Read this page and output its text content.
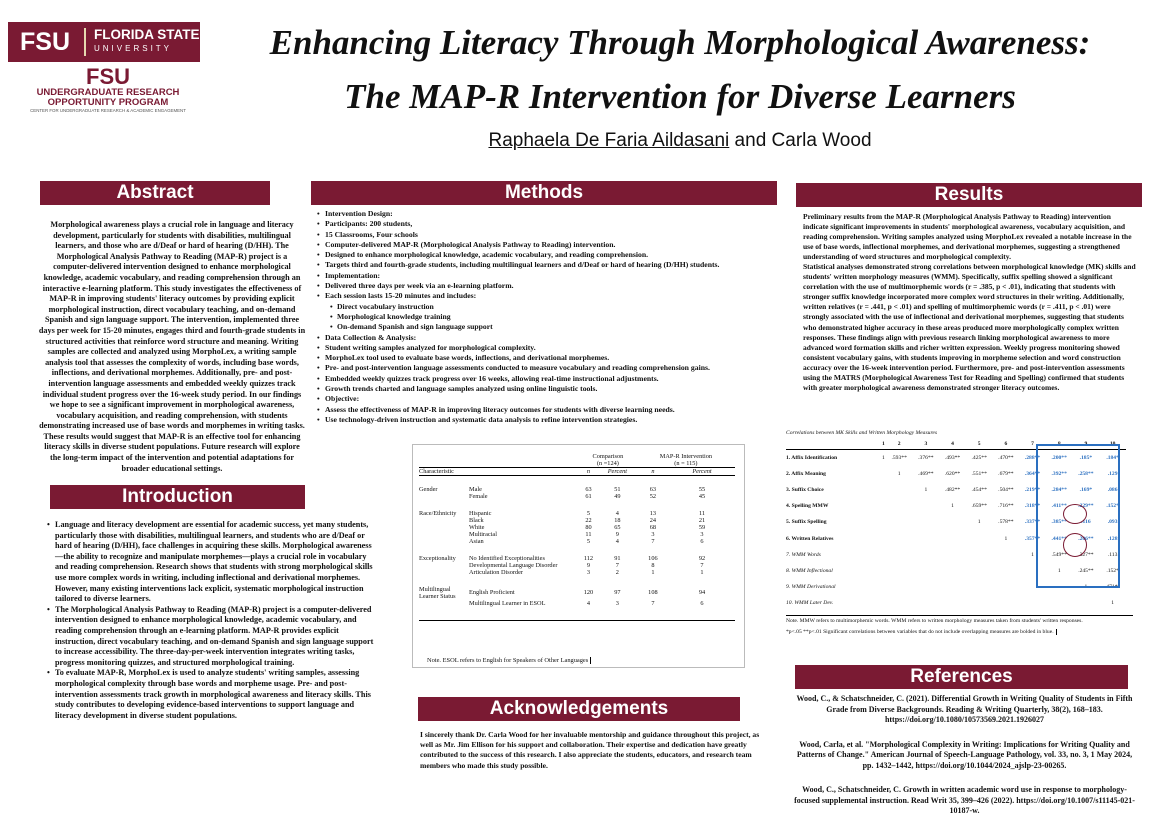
FSU	FLORIDA STATE
UNIVERSITY
FSU
UNDERGRADUATE RESEARCH
OPPORTUNITY PROGRAM
CENTER FOR UNDERGRADUATE RESEARCH & ACADEMIC ENGAGEMENT
Enhancing Literacy Through Morphological Awareness:
The MAP-R Intervention for Diverse Learners
Raphaela De Faria Aildasani and Carla Wood
Abstract
Morphological awareness plays a crucial role in language and literacy development, particularly for students with disabilities, multilingual learners, and those who are d/Deaf or hard of hearing (D/HH). The Morphological Analysis Pathway to Reading (MAP-R) project is a computer-delivered intervention designed to enhance morphological knowledge, academic vocabulary, and reading comprehension through an interactive e-learning platform. This study investigates the effectiveness of MAP-R in improving students' literacy outcomes by providing explicit morphological instruction, direct vocabulary teaching, and on-demand Spanish and sign language support. The intervention, implemented three days per week for 15-20 minutes, engages third and fourth-grade students in structured activities that reinforce word structure and meaning. Writing samples are collected and analyzed using MorphoLex, a writing sample analysis tool that assesses the complexity of words, including base words, inflections, and derivational morphemes. Additionally, pre- and post-intervention language assessments and embedded weekly quizzes track individual student progress over the 16-week study period. In our findings we hope to see a significant improvement in morphological awareness, vocabulary acquisition, and reading comprehension, with students demonstrating increased use of base words and morphemes in writing tasks. These results would suggest that MAP-R is an effective tool for enhancing literacy skills in diverse student populations. Future research will explore the long-term impact of the intervention and potential adaptations for broader educational settings.
Introduction
• Language and literacy development are essential for academic success, yet many students, particularly those with disabilities, multilingual learners, and students who are d/Deaf or hard of hearing (D/HH), face challenges in acquiring these skills. Morphological awareness—the ability to recognize and manipulate morphemes—plays a crucial role in vocabulary and reading comprehension. Research shows that students with strong morphological skills use more complex words in writing, including inflectional and derivational morphemes. However, many existing interventions lack explicit, systematic morphological instruction tailored to diverse learners.
• The Morphological Analysis Pathway to Reading (MAP-R) project is a computer-delivered intervention designed to enhance morphological knowledge, academic vocabulary, and reading comprehension through an e-learning platform. MAP-R provides explicit instruction, direct vocabulary teaching, and on-demand Spanish and sign language support to increase accessibility. The three-day-per-week intervention integrates writing tasks, progress monitoring quizzes, and structured morphological training.
• To evaluate MAP-R, MorphoLex is used to analyze students' writing samples, assessing morphological complexity through base words and morpheme usage. Pre- and post-intervention assessments track growth in morphological awareness and literacy skills. This study contributes to developing evidence-based interventions to support language and literacy development in diverse student populations.
Methods
• Intervention Design:
• Participants: 200 students,
• 15 Classrooms, Four schools
• Computer-delivered MAP-R (Morphological Analysis Pathway to Reading) intervention.
• Designed to enhance morphological knowledge, academic vocabulary, and reading comprehension.
• Targets third and fourth-grade students, including multilingual learners and d/Deaf or hard of hearing (D/HH) students.
• Implementation:
• Delivered three days per week via an e-learning platform.
• Each session lasts 15-20 minutes and includes:
• Direct vocabulary instruction
• Morphological knowledge training
• On-demand Spanish and sign language support
• Data Collection & Analysis:
• Student writing samples analyzed for morphological complexity.
• MorphoLex tool used to evaluate base words, inflections, and derivational morphemes.
• Pre- and post-intervention language assessments conducted to measure vocabulary and reading comprehension gains.
• Embedded weekly quizzes track progress over 16 weeks, allowing real-time instructional adjustments.
• Growth trends charted and language samples analyzed using online linguistic tools.
• Objective:
• Assess the effectiveness of MAP-R in improving literacy outcomes for students with diverse learning needs.
• Use technology-driven instruction and systematic data analysis to refine intervention strategies.
		Comparison		MAP-R Intervention	
		(n =124)		(n = 115)	
Characteristic		n	Percent	n	Percent

Gender	Male	63	51	63	55
	Female	61	49	52	45

Race/Ethnicity	Hispanic	5	4	13	11
	Black	22	18	24	21
	White	80	65	68	59
	Multiracial	11	9	3	3
	Asian	5	4	7	6

Exceptionality	No Identified Exceptionalities	112	91	106	92
	Developmental Language Disorder	9	7	8	7
	Articulation Disorder	3	2	1	1

Multilingual Learner Status	English Proficient	120	97	108	94
	Multilingual Learner in ESOL	4	3	7	6

Note. ESOL refers to English for Speakers of Other Languages
Acknowledgements
I sincerely thank Dr. Carla Wood for her invaluable mentorship and guidance throughout this project, as well as Mr. Jim Ellison for his support and collaboration. Their expertise and dedication have greatly contributed to the success of this research. I also appreciate the students, educators, and research team members who made this study possible.
Results
Preliminary results from the MAP-R (Morphological Analysis Pathway to Reading) intervention indicate significant improvements in students' morphological awareness, vocabulary acquisition, and reading comprehension. Writing samples analyzed using MorphoLex revealed a notable increase in the use of base words, inflectional morphemes, and derivational morphemes, suggesting a strengthened understanding of word structures and morphological complexity.
Statistical analyses demonstrated strong correlations between morphological knowledge (MK) skills and students' written morphology measures (WMM). Specifically, suffix spelling showed a significant correlation with the use of multimorphemic words (r = .385, p < .01), indicating that students with stronger suffix knowledge incorporated more complex word structures in their writing. Additionally, written relatives (r = .441, p < .01) and spelling of multimorphemic words (r = .411, p < .01) were strongly associated with the use of inflectional and derivational morphemes, suggesting that students who demonstrated higher accuracy in these areas produced more morphologically complex written responses. These findings align with previous research linking morphological awareness to more advanced word formation skills and richer written expression. Weekly progress monitoring showed consistent vocabulary gains, with students improving in morpheme selection and word construction accuracy over the 16-week intervention period. Furthermore, pre- and post-intervention assessments using the MATRS (Morphological Awareness Test for Reading and Spelling) confirmed that students with greater morphological awareness demonstrated stronger literacy outcomes.
Correlations between MK Skills and Written Morphology Measures
	1	2	3	4	5	6	7	8	9	10
1. Affix Identification	1	.593**	.376**	.493**	.425**	.470**	.288**	.200**	.185*	.184*
2. Affix Meaning		1	.469**	.620**	.551**	.679**	.364**	.392**	.258**	.129
3. Suffix Choice			1	.482**	.454**	.504**	.219**	.284**	.169*	.086
4. Spelling MMW				1	.659**	.716**	.318**	.411**	.229**	.152*
5. Suffix Spelling					1	.578**	.337**	.385**	.116	.093
6. Written Relatives						1	.357**	.441**	.206**	.128
7. WMM Words							1	.549**	.327**	.113
8. WMM Inflectional								1	.245**	.152*
9. WMM Derivational									1	.471**
10. WMM Later Dev.										1
Note. MMW refers to multimorphemic words. WMM refers to written morphology measures taken from students' written responses.
*p<.05 **p<.01 Significant correlations between variables that do not include overlapping measures are bolded in blue.
References
Wood, C., & Schatschneider, C. (2021). Differential Growth in Writing Quality of Students in Fifth Grade from Diverse Backgrounds. Reading & Writing Quarterly, 38(2), 168–183. https://doi.org/10.1080/10573569.2021.1926027
Wood, Carla, et al. "Morphological Complexity in Writing: Implications for Writing Quality and Patterns of Change." American Journal of Speech-Language Pathology, vol. 33, no. 3, 1 May 2024, pp. 1432–1442, https://doi.org/10.1044/2024_ajslp-23-00265.
Wood, C., Schatschneider, C. Growth in written academic word use in response to morphology-focused supplemental instruction. Read Writ 35, 399–426 (2022). https://doi.org/10.1007/s11145-021-10187-w.
